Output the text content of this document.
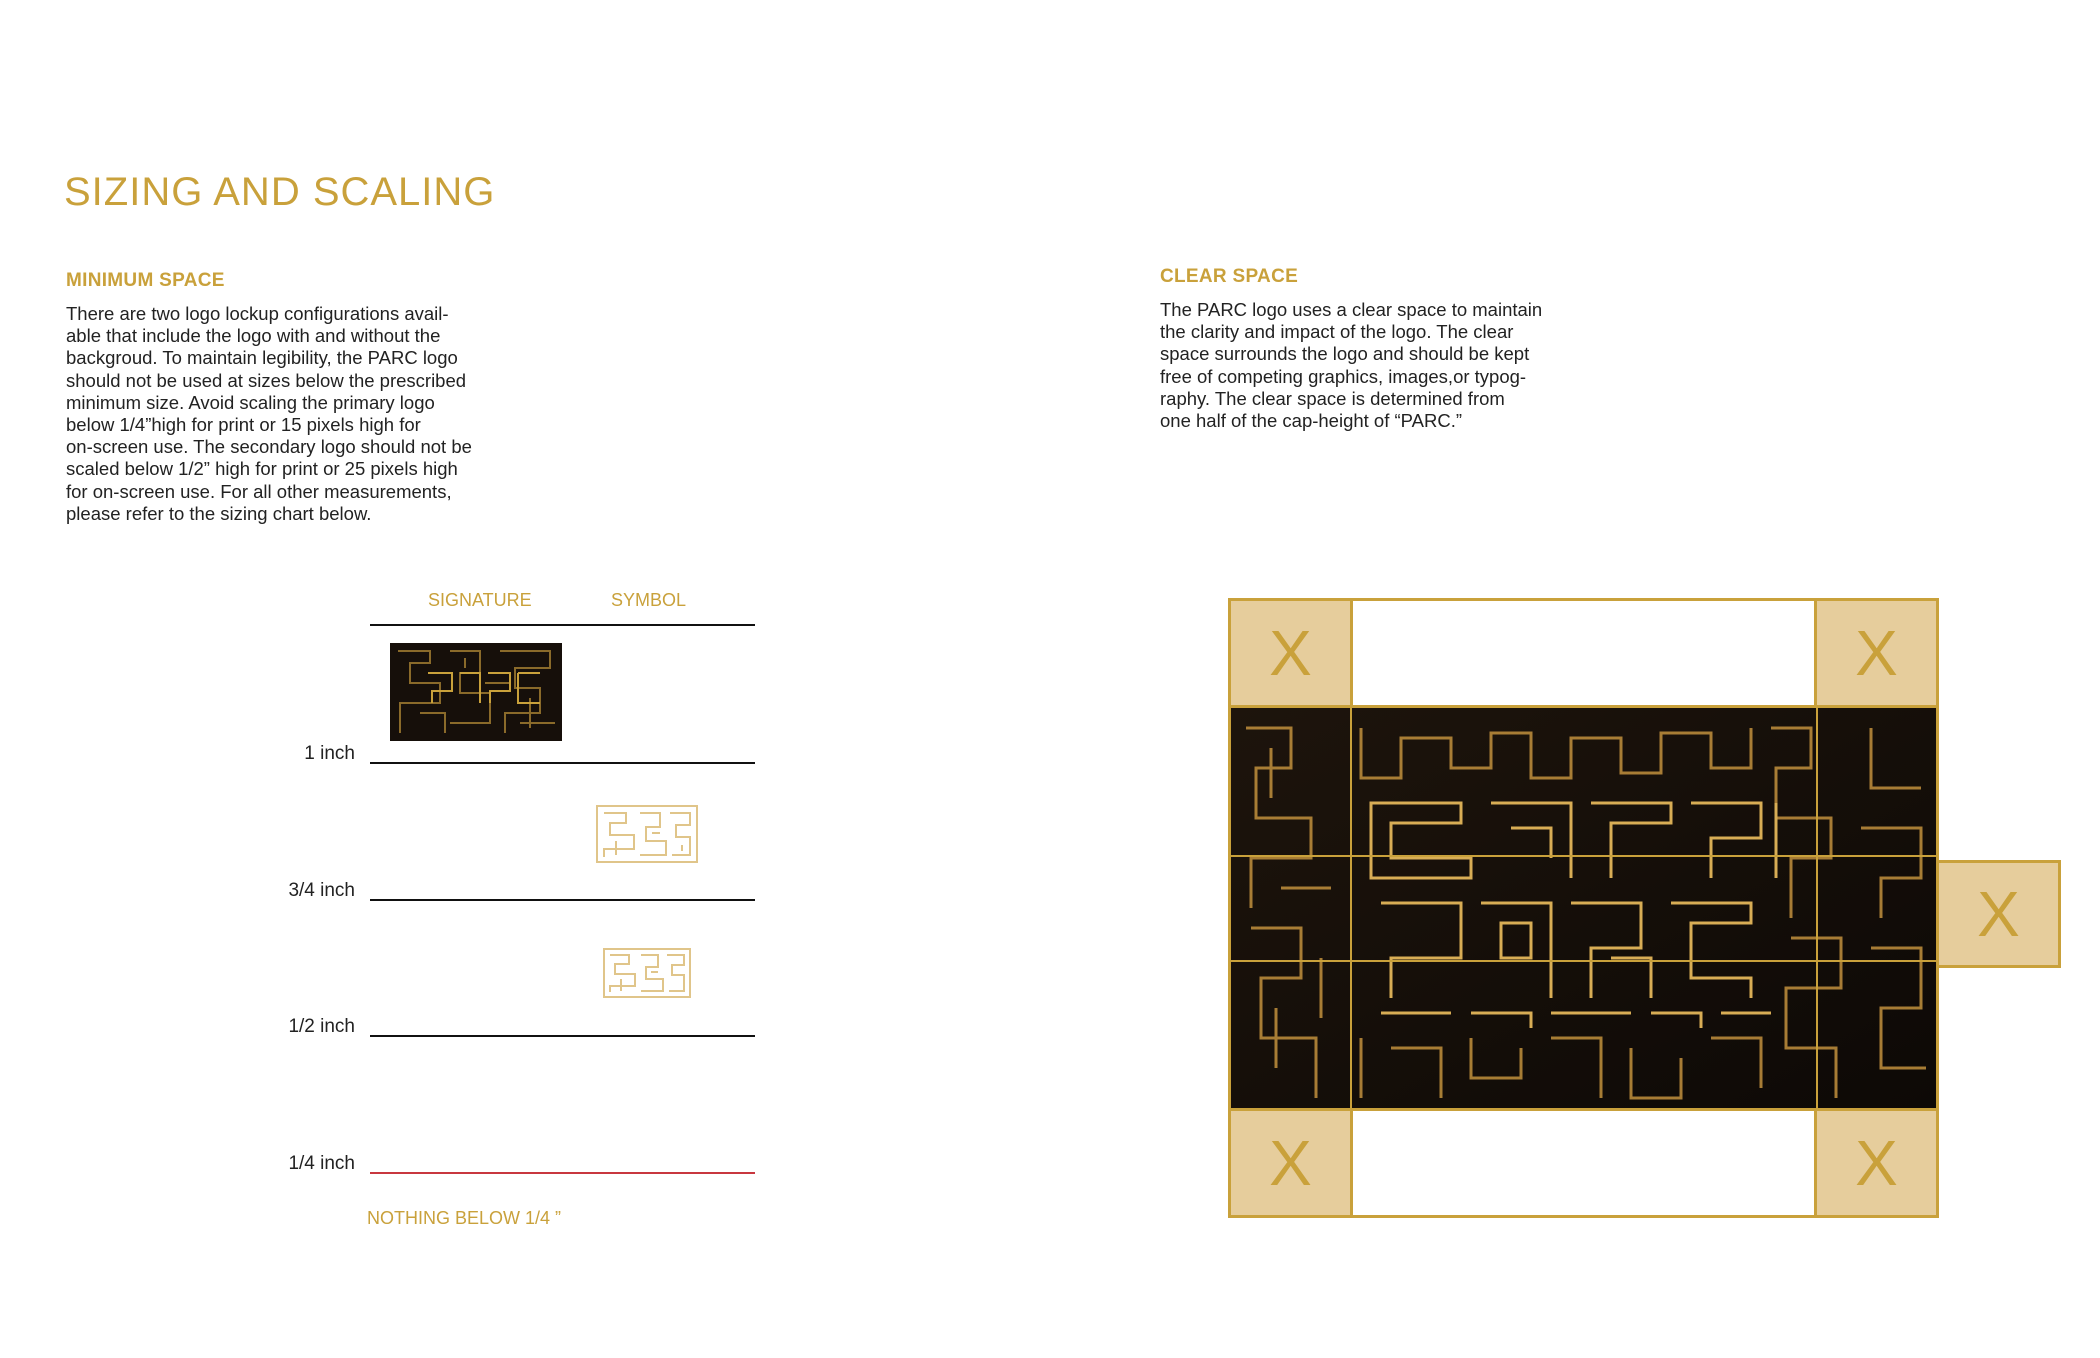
SIZING AND SCALING
MINIMUM SPACE
There are two logo lockup configurations avail-
able that include the logo with and without the
backgroud. To maintain legibility, the PARC logo
should not be used at sizes below the prescribed
minimum size. Avoid scaling the primary logo
below 1/4”high for print or 15 pixels high for
on-screen use. The secondary logo should not be
scaled below 1/2” high for print or 25 pixels high
for on-screen use. For all other measurements,
please refer to the sizing chart below.
CLEAR SPACE
The PARC logo uses a clear space to maintain
the clarity and impact of the logo. The clear
space surrounds the logo and should be kept
free of competing graphics, images,or typog-
raphy. The clear space is determined from
one half of the cap-height of “PARC.”
SIGNATURE	SYMBOL
1 inch
3/4 inch
1/2 inch
1/4 inch
NOTHING BELOW 1/4 ”
X	X
X
X	X
